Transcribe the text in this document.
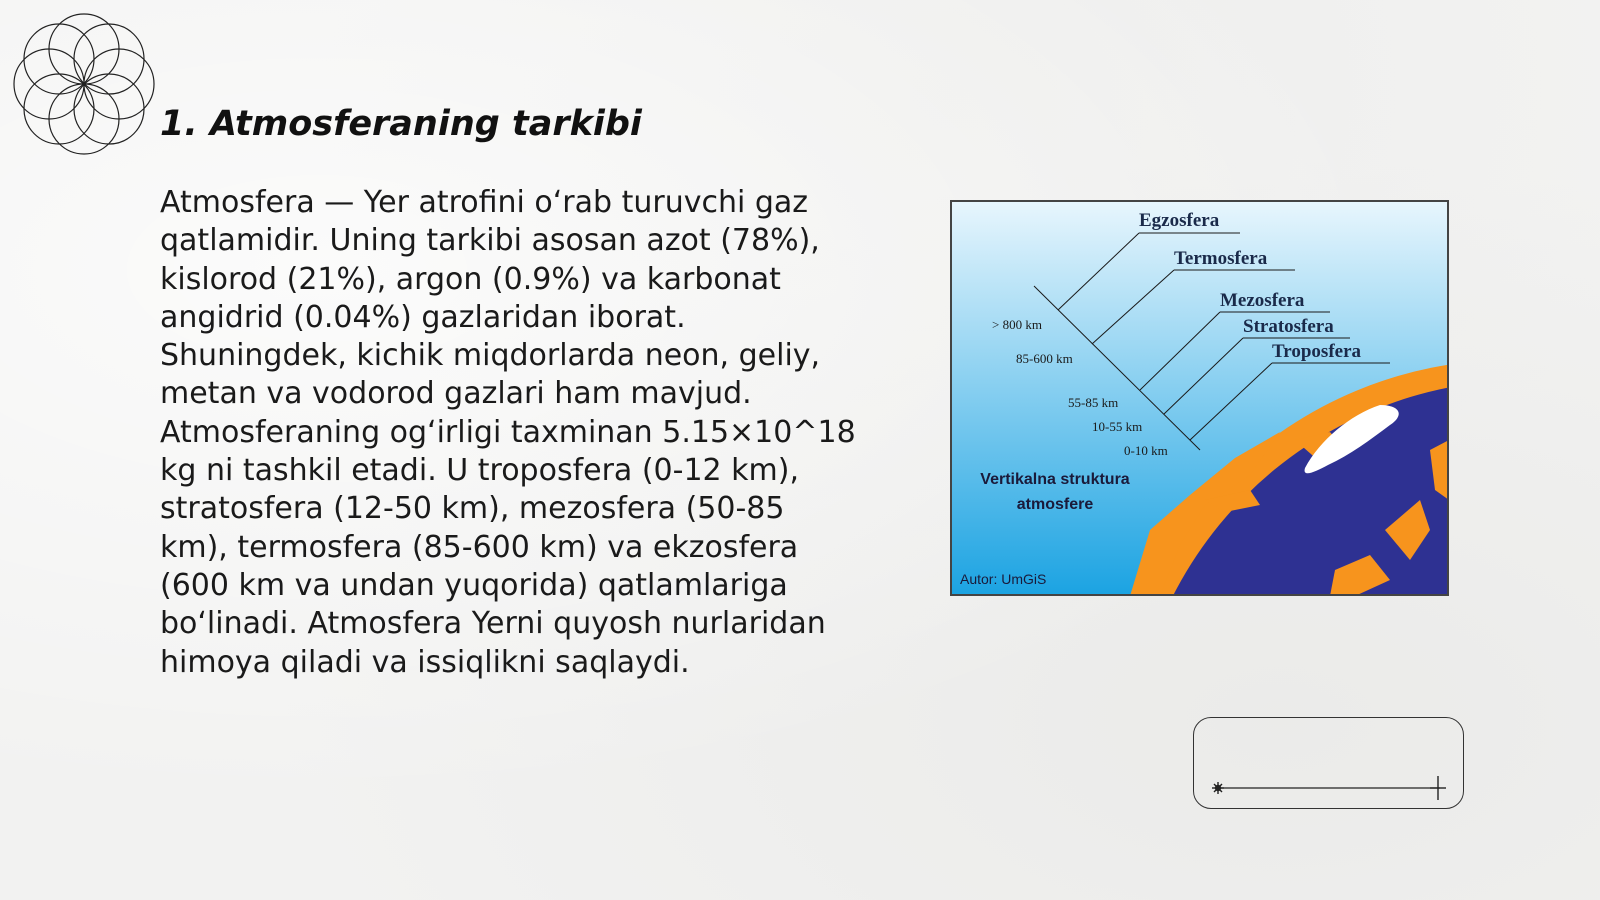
1. Atmosferaning tarkibi

Atmosfera — Yer atrofini o‘rab turuvchi gaz qatlamidir. Uning tarkibi asosan azot (78%), kislorod (21%), argon (0.9%) va karbonat angidrid (0.04%) gazlaridan iborat. Shuningdek, kichik miqdorlarda neon, geliy, metan va vodorod gazlari ham mavjud. Atmosferaning og‘irligi taxminan 5.15×10^18 kg ni tashkil etadi. U troposfera (0-12 km), stratosfera (12-50 km), mezosfera (50-85 km), termosfera (85-600 km) va ekzosfera (600 km va undan yuqorida) qatlamlariga bo‘linadi. Atmosfera Yerni quyosh nurlaridan himoya qiladi va issiqlikni saqlaydi.

Egzosfera
Termosfera
Mezosfera
Stratosfera
Troposfera
> 800 km
85-600 km
55-85 km
10-55 km
0-10 km
Vertikalna struktura
atmosfere
Autor: UmGiS
